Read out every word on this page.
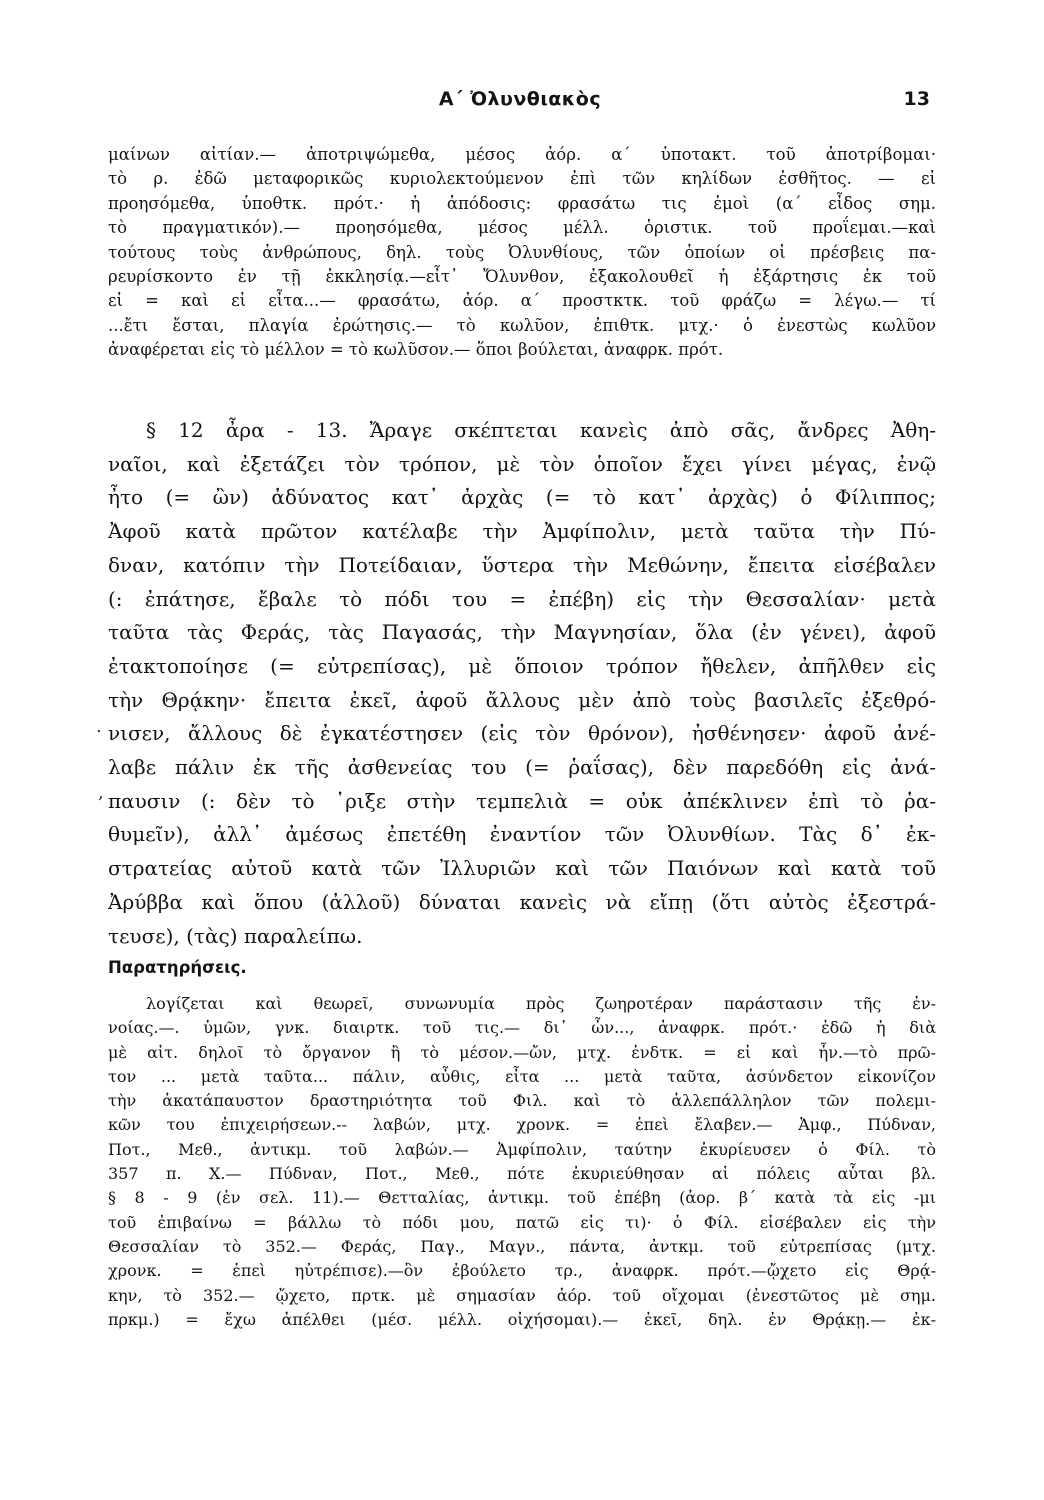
Α΄ Ὀλυνθιακὸς	13
μαίνων αἰτίαν.— ἀποτριψώμεθα, μέσος ἀόρ. α΄ ὑποτακτ. τοῦ ἀποτρίβομαι·
τὸ ρ. ἐδῶ μεταφορικῶς κυριολεκτούμενον ἐπὶ τῶν κηλίδων ἐσθῆτος. — εἰ
προησόμεθα, ὑποθτκ. πρότ.· ἡ ἀπόδοσις: φρασάτω τις ἐμοὶ (α΄ εἶδος σημ.
τὸ πραγματικόν).— προησόμεθα, μέσος μέλλ. ὁριστικ. τοῦ προΐεμαι.—καὶ
τούτους τοὺς ἀνθρώπους, δηλ. τοὺς Ὀλυνθίους, τῶν ὁποίων οἱ πρέσβεις πα-
ρευρίσκοντο ἐν τῇ ἐκκλησίᾳ.—εἶτ᾽ Ὄλυνθον, ἐξακολουθεῖ ἡ ἐξάρτησις ἐκ τοῦ
εἰ = καὶ εἰ εἶτα...— φρασάτω, ἀόρ. α΄ προστκτκ. τοῦ φράζω = λέγω.— τί
...ἔτι ἔσται, πλαγία ἐρώτησις.— τὸ κωλῦον, ἐπιθτκ. μτχ.· ὁ ἐνεστὼς κωλῦον
ἀναφέρεται εἰς τὸ μέλλον = τὸ κωλῦσον.— ὅποι βούλεται, ἀναφρκ. πρότ.
§ 12 ἆρα - 13. Ἄραγε σκέπτεται κανεὶς ἀπὸ σᾶς, ἄνδρες Ἀθη-
ναῖοι, καὶ ἐξετάζει τὸν τρόπον, μὲ τὸν ὁποῖον ἔχει γίνει μέγας, ἐνῷ
ἦτο (= ὢν) ἀδύνατος κατ᾽ ἀρχὰς (= τὸ κατ᾽ ἀρχὰς) ὁ Φίλιππος;
Ἀφοῦ κατὰ πρῶτον κατέλαβε τὴν Ἀμφίπολιν, μετὰ ταῦτα τὴν Πύ-
δναν, κατόπιν τὴν Ποτείδαιαν, ὕστερα τὴν Μεθώνην, ἔπειτα εἰσέβαλεν
(: ἐπάτησε, ἔβαλε τὸ πόδι του = ἐπέβη) εἰς τὴν Θεσσαλίαν· μετὰ
ταῦτα τὰς Φεράς, τὰς Παγασάς, τὴν Μαγνησίαν, ὅλα (ἐν γένει), ἀφοῦ
ἐτακτοποίησε (= εὐτρεπίσας), μὲ ὅποιον τρόπον ἤθελεν, ἀπῆλθεν εἰς
τὴν Θρᾴκην· ἔπειτα ἐκεῖ, ἀφοῦ ἄλλους μὲν ἀπὸ τοὺς βασιλεῖς ἐξεθρό-
νισεν, ἄλλους δὲ ἐγκατέστησεν (εἰς τὸν θρόνον), ἠσθένησεν· ἀφοῦ ἀνέ-
λαβε πάλιν ἐκ τῆς ἀσθενείας του (= ῥαΐσας), δὲν παρεδόθη εἰς ἀνά-
παυσιν (: δὲν τὸ ῾ριξε στὴν τεμπελιὰ = οὐκ ἀπέκλινεν ἐπὶ τὸ ῥα-
θυμεῖν), ἀλλ᾽ ἀμέσως ἐπετέθη ἐναντίον τῶν Ὀλυνθίων. Τὰς δ᾽ ἐκ-
στρατείας αὐτοῦ κατὰ τῶν Ἰλλυριῶν καὶ τῶν Παιόνων καὶ κατὰ τοῦ
Ἀρύββα καὶ ὅπου (ἀλλοῦ) δύναται κανεὶς νὰ εἴπῃ (ὅτι αὐτὸς ἐξεστρά-
τευσε), (τὰς) παραλείπω.
.
,
Παρατηρήσεις.
λογίζεται καὶ θεωρεῖ, συνωνυμία πρὸς ζωηροτέραν παράστασιν τῆς ἐν-
νοίας.—. ὑμῶν, γνκ. διαιρτκ. τοῦ τις.— δι᾽ ὧν..., ἀναφρκ. πρότ.· ἐδῶ ἡ διὰ
μὲ αἰτ. δηλοῖ τὸ ὄργανον ἢ τὸ μέσον.—ὤν, μτχ. ἐνδτκ. = εἰ καὶ ἦν.—τὸ πρῶ-
τον ... μετὰ ταῦτα... πάλιν, αὖθις, εἶτα ... μετὰ ταῦτα, ἀσύνδετον εἰκονίζον
τὴν ἀκατάπαυστον δραστηριότητα τοῦ Φιλ. καὶ τὸ ἀλλεπάλληλον τῶν πολεμι-
κῶν του ἐπιχειρήσεων.-- λαβών, μτχ. χρονκ. = ἐπεὶ ἔλαβεν.— Ἀμφ., Πύδναν,
Ποτ., Μεθ., ἀντικμ. τοῦ λαβών.— Ἀμφίπολιν, ταύτην ἐκυρίευσεν ὁ Φίλ. τὸ
357 π. Χ.— Πύδναν, Ποτ., Μεθ., πότε ἐκυριεύθησαν αἱ πόλεις αὗται βλ.
§ 8 - 9 (ἐν σελ. 11).— Θετταλίας, ἀντικμ. τοῦ ἐπέβη (ἀορ. β΄ κατὰ τὰ εἰς -μι
τοῦ ἐπιβαίνω = βάλλω τὸ πόδι μου, πατῶ εἰς τι)· ὁ Φίλ. εἰσέβαλεν εἰς τὴν
Θεσσαλίαν τὸ 352.— Φεράς, Παγ., Μαγν., πάντα, ἀντκμ. τοῦ εὐτρεπίσας (μτχ.
χρονκ. = ἐπεὶ ηὐτρέπισε).—ὃν ἐβούλετο τρ., ἀναφρκ. πρότ.—ᾤχετο εἰς Θρᾴ-
κην, τὸ 352.— ᾤχετο, πρτκ. μὲ σημασίαν ἀόρ. τοῦ οἴχομαι (ἐνεστῶτος μὲ σημ.
πρκμ.) = ἔχω ἀπέλθει (μέσ. μέλλ. οἰχήσομαι).— ἐκεῖ, δηλ. ἐν Θρᾴκῃ.— ἐκ-
